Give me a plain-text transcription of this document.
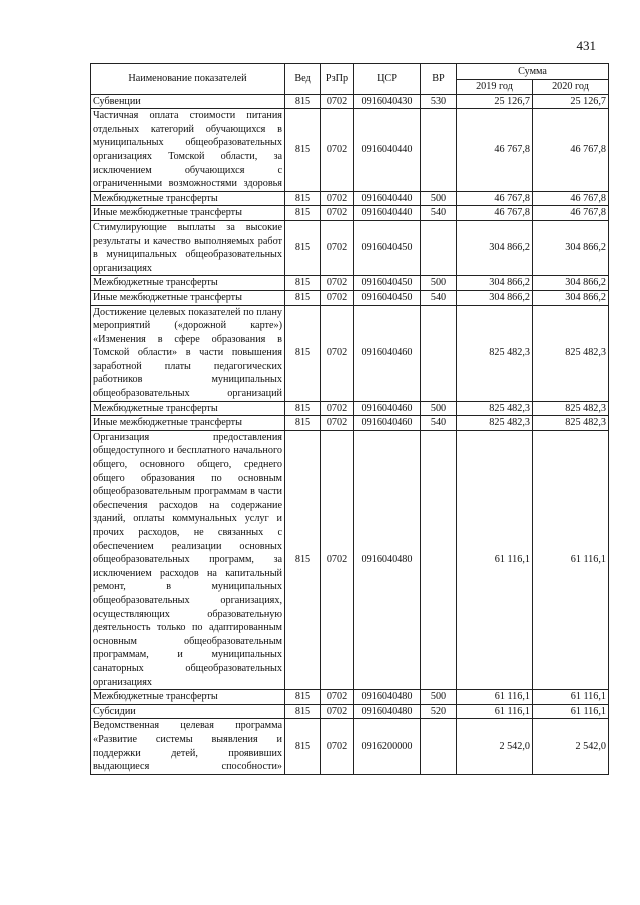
431
Наименование показателей	Вед	РзПр	ЦСР	ВР	Сумма	
					2019 год	2020 год
Субвенции	815	0702	0916040430	530	25 126,7	25 126,7
Частичная оплата стоимости питания отдельных категорий обучающихся в муниципальных общеобразовательных организациях Томской области, за исключением обучающихся с ограниченными возможностями здоровья	815	0702	0916040440		46 767,8	46 767,8
Межбюджетные трансферты	815	0702	0916040440	500	46 767,8	46 767,8
Иные межбюджетные трансферты	815	0702	0916040440	540	46 767,8	46 767,8
Стимулирующие выплаты за высокие результаты и качество выполняемых работ в муниципальных общеобразовательных организациях	815	0702	0916040450		304 866,2	304 866,2
Межбюджетные трансферты	815	0702	0916040450	500	304 866,2	304 866,2
Иные межбюджетные трансферты	815	0702	0916040450	540	304 866,2	304 866,2
Достижение целевых показателей по плану мероприятий («дорожной карте») «Изменения в сфере образования в Томской области» в части повышения заработной платы педагогических работников муниципальных общеобразовательных организаций	815	0702	0916040460		825 482,3	825 482,3
Межбюджетные трансферты	815	0702	0916040460	500	825 482,3	825 482,3
Иные межбюджетные трансферты	815	0702	0916040460	540	825 482,3	825 482,3
Организация предоставления общедоступного и бесплатного начального общего, основного общего, среднего общего образования по основным общеобразовательным программам в части обеспечения расходов на содержание зданий, оплаты коммунальных услуг и прочих расходов, не связанных с обеспечением реализации основных общеобразовательных программ, за исключением расходов на капитальный ремонт, в муниципальных общеобразовательных организациях, осуществляющих образовательную деятельность только по адаптированным основным общеобразовательным программам, и муниципальных санаторных общеобразовательных организациях	815	0702	0916040480		61 116,1	61 116,1
Межбюджетные трансферты	815	0702	0916040480	500	61 116,1	61 116,1
Субсидии	815	0702	0916040480	520	61 116,1	61 116,1
Ведомственная целевая программа «Развитие системы выявления и поддержки детей, проявивших выдающиеся способности»	815	0702	0916200000		2 542,0	2 542,0
